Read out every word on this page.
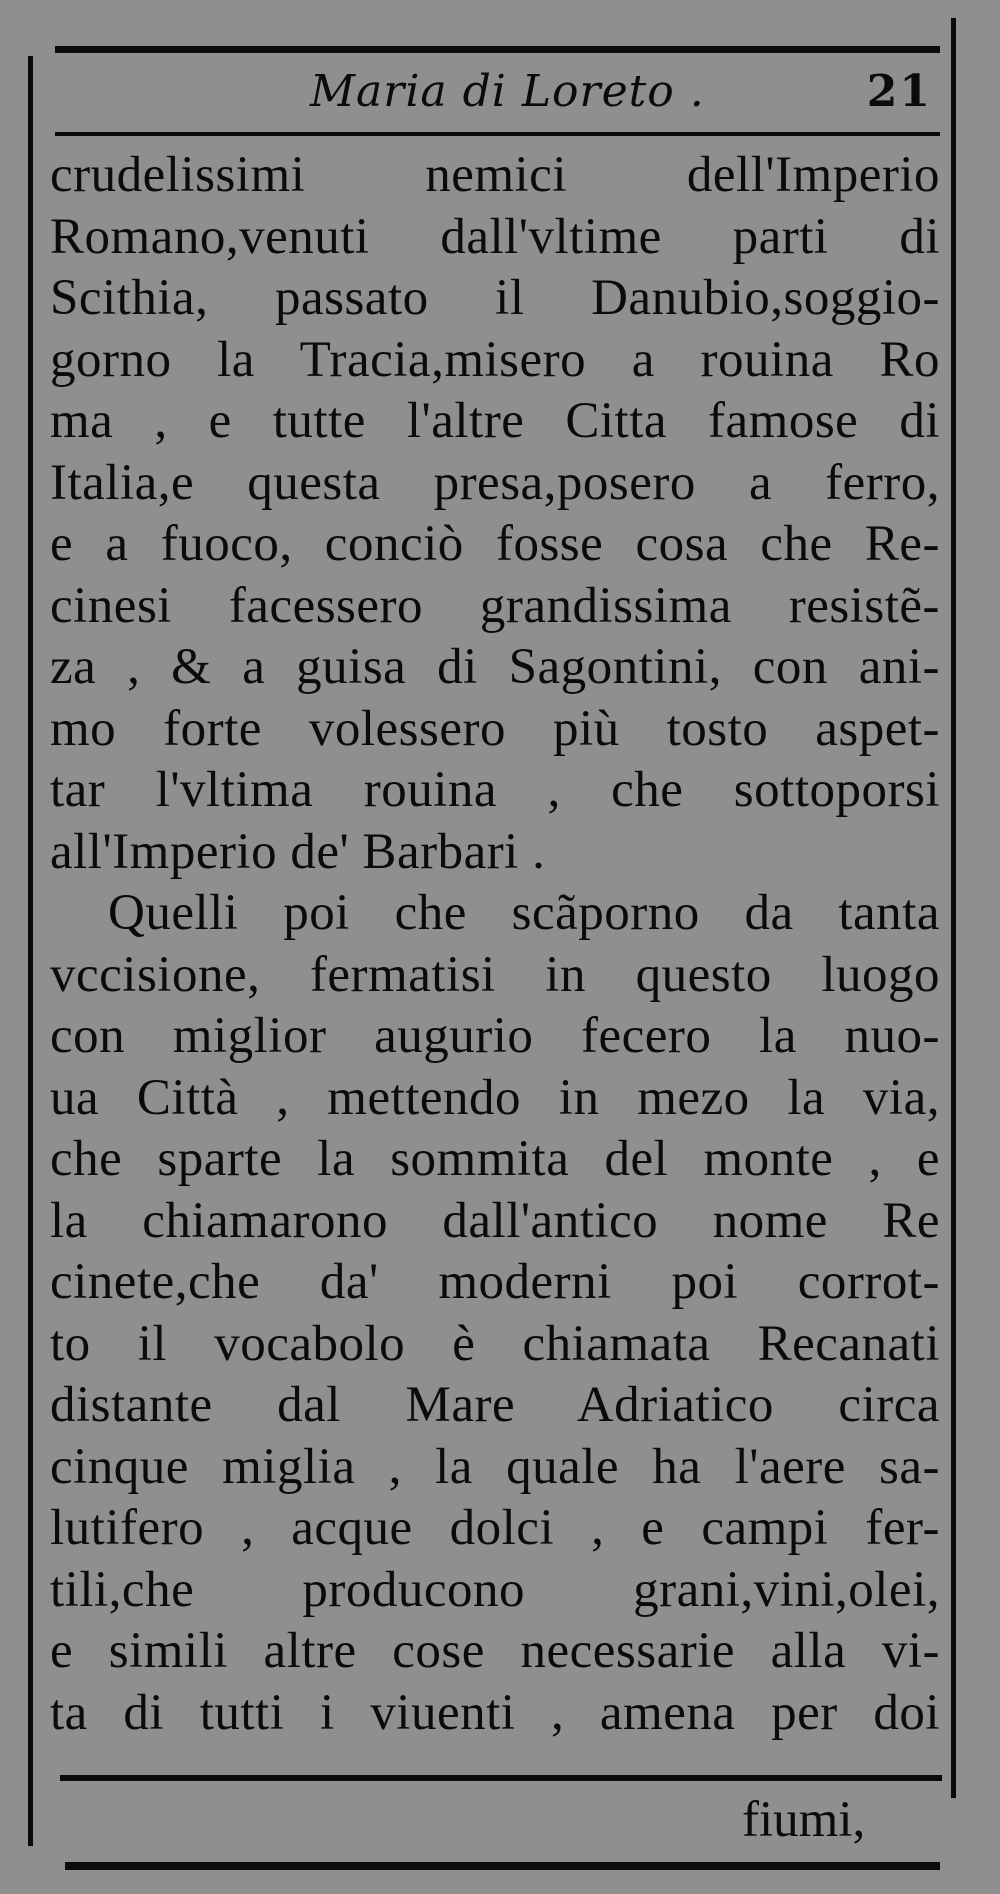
Maria di Loreto .	21
crudelissimi nemici dell'Imperio
Romano,venuti dall'vltime parti di
Scithia, passato il Danubio,soggio-
gorno la Tracia,misero a rouina Ro
ma , e tutte l'altre Citta famose di
Italia,e questa presa,posero a ferro,
e a fuoco, conciò fosse cosa che Re-
cinesi facessero grandissima resistẽ-
za , & a guisa di Sagontini, con ani-
mo forte volessero più tosto aspet-
tar l'vltima rouina , che sottoporsi
all'Imperio de' Barbari .
Quelli poi che scãporno da tanta
vccisione, fermatisi in questo luogo
con miglior augurio fecero la nuo-
ua Città , mettendo in mezo la via,
che sparte la sommita del monte , e
la chiamarono dall'antico nome Re
cinete,che da' moderni poi corrot-
to il vocabolo è chiamata Recanati
distante dal Mare Adriatico circa
cinque miglia , la quale ha l'aere sa-
lutifero , acque dolci , e campi fer-
tili,che producono grani,vini,olei,
e simili altre cose necessarie alla vi-
ta di tutti i viuenti , amena per doi
fiumi,
